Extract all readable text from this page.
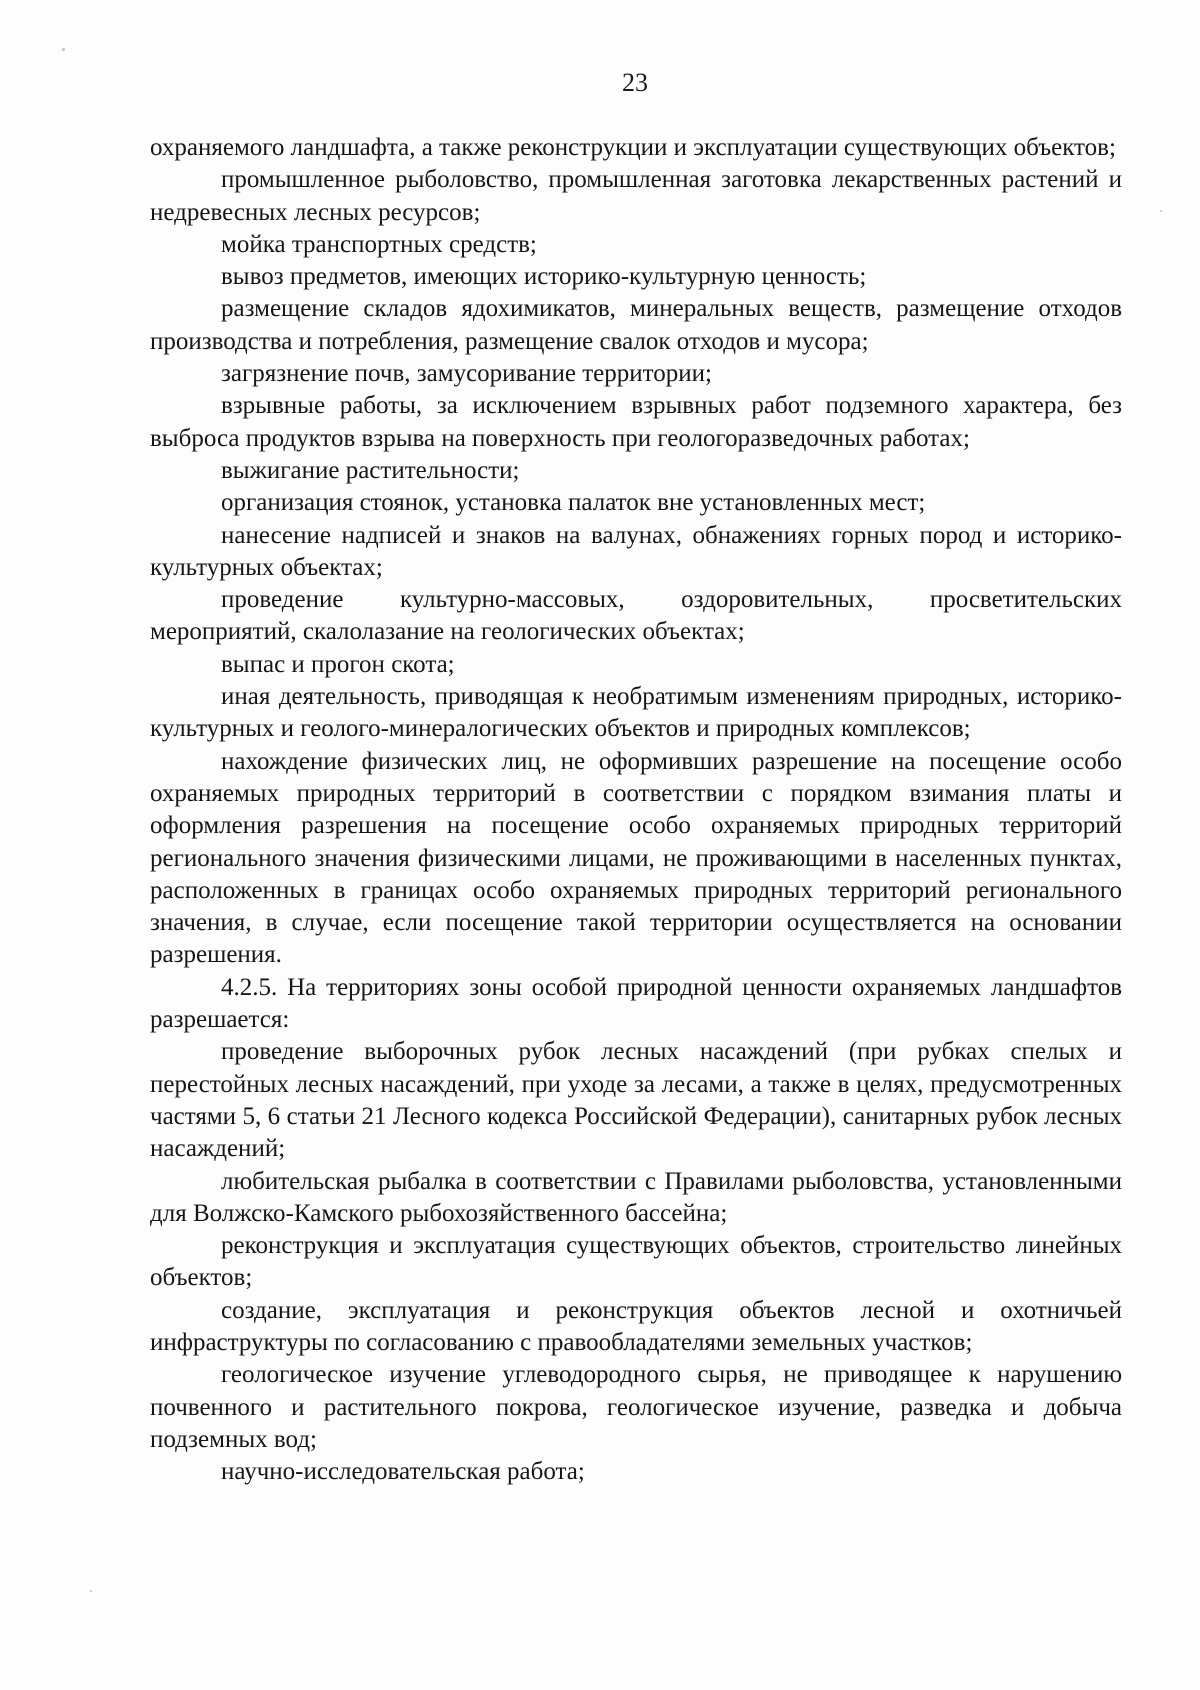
23

охраняемого ландшафта, а также реконструкции и эксплуатации существующих объектов;

промышленное рыболовство, промышленная заготовка лекарственных растений и недревесных лесных ресурсов;

мойка транспортных средств;

вывоз предметов, имеющих историко-культурную ценность;

размещение складов ядохимикатов, минеральных веществ, размещение отходов производства и потребления, размещение свалок отходов и мусора;

загрязнение почв, замусоривание территории;

взрывные работы, за исключением взрывных работ подземного характера, без выброса продуктов взрыва на поверхность при геологоразведочных работах;

выжигание растительности;

организация стоянок, установка палаток вне установленных мест;

нанесение надписей и знаков на валунах, обнажениях горных пород и историко-культурных объектах;

проведение культурно-массовых, оздоровительных, просветительских мероприятий, скалолазание на геологических объектах;

выпас и прогон скота;

иная деятельность, приводящая к необратимым изменениям природных, историко-культурных и геолого-минералогических объектов и природных комплексов;

нахождение физических лиц, не оформивших разрешение на посещение особо охраняемых природных территорий в соответствии с порядком взимания платы и оформления разрешения на посещение особо охраняемых природных территорий регионального значения физическими лицами, не проживающими в населенных пунктах, расположенных в границах особо охраняемых природных территорий регионального значения, в случае, если посещение такой территории осуществляется на основании разрешения.

4.2.5. На территориях зоны особой природной ценности охраняемых ландшафтов разрешается:

проведение выборочных рубок лесных насаждений (при рубках спелых и перестойных лесных насаждений, при уходе за лесами, а также в целях, предусмотренных частями 5, 6 статьи 21 Лесного кодекса Российской Федерации), санитарных рубок лесных насаждений;

любительская рыбалка в соответствии с Правилами рыболовства, установленными для Волжско-Камского рыбохозяйственного бассейна;

реконструкция и эксплуатация существующих объектов, строительство линейных объектов;

создание, эксплуатация и реконструкция объектов лесной и охотничьей инфраструктуры по согласованию с правообладателями земельных участков;

геологическое изучение углеводородного сырья, не приводящее к нарушению почвенного и растительного покрова, геологическое изучение, разведка и добыча подземных вод;

научно-исследовательская работа;
